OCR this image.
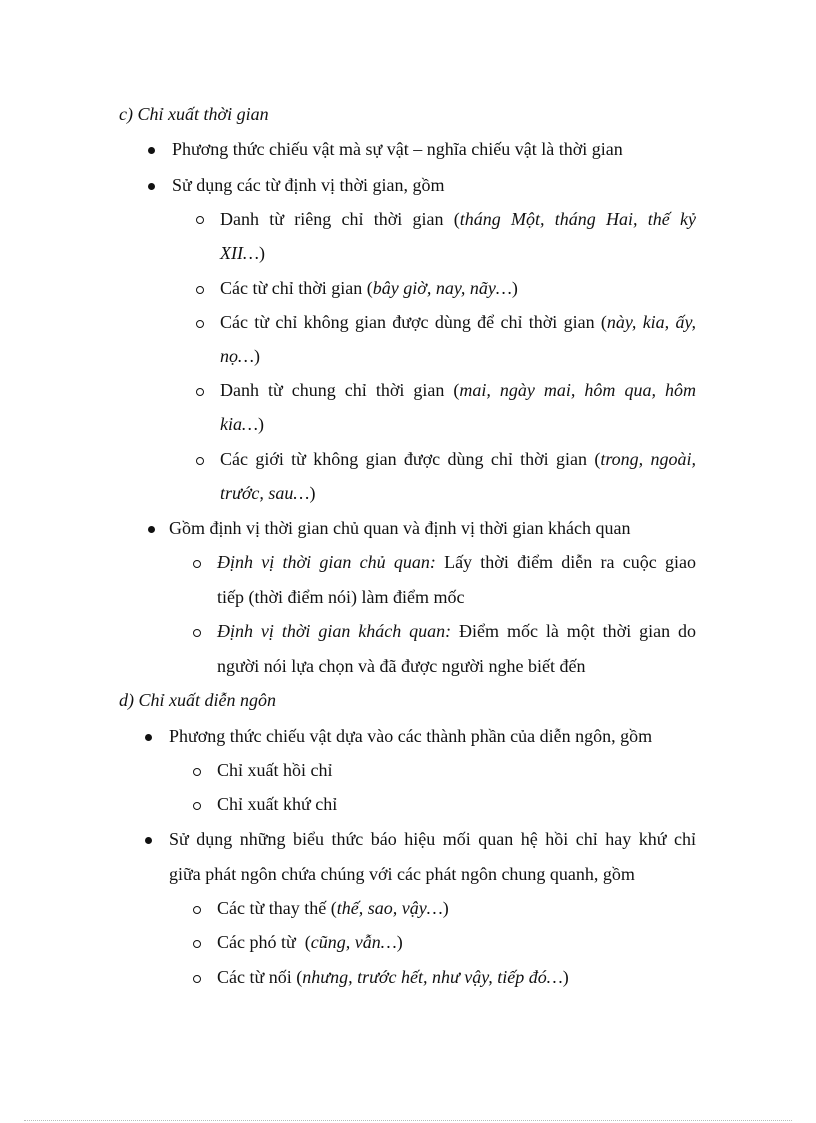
c) Chỉ xuất thời gian
Phương thức chiếu vật mà sự vật – nghĩa chiếu vật là thời gian
Sử dụng các từ định vị thời gian, gồm
Danh từ riêng chỉ thời gian (tháng Một, tháng Hai, thế kỷ
XII…)
Các từ chỉ thời gian (bây giờ, nay, nãy…)
Các từ chỉ không gian được dùng để chỉ thời gian (này, kia, ấy,
nọ…)
Danh từ chung chỉ thời gian (mai, ngày mai, hôm qua, hôm
kia…)
Các giới từ không gian được dùng chỉ thời gian (trong, ngoài,
trước, sau…)
Gồm định vị thời gian chủ quan và định vị thời gian khách quan
Định vị thời gian chủ quan: Lấy thời điểm diễn ra cuộc giao
tiếp (thời điểm nói) làm điểm mốc
Định vị thời gian khách quan: Điểm mốc là một thời gian do
người nói lựa chọn và đã được người nghe biết đến
d) Chỉ xuất diễn ngôn
Phương thức chiếu vật dựa vào các thành phần của diễn ngôn, gồm
Chỉ xuất hồi chỉ
Chỉ xuất khứ chỉ
Sử dụng những biểu thức báo hiệu mối quan hệ hồi chỉ hay khứ chỉ
giữa phát ngôn chứa chúng với các phát ngôn chung quanh, gồm
Các từ thay thế (thế, sao, vậy…)
Các phó từ  (cũng, vẫn…)
Các từ nối (nhưng, trước hết, như vậy, tiếp đó…)
